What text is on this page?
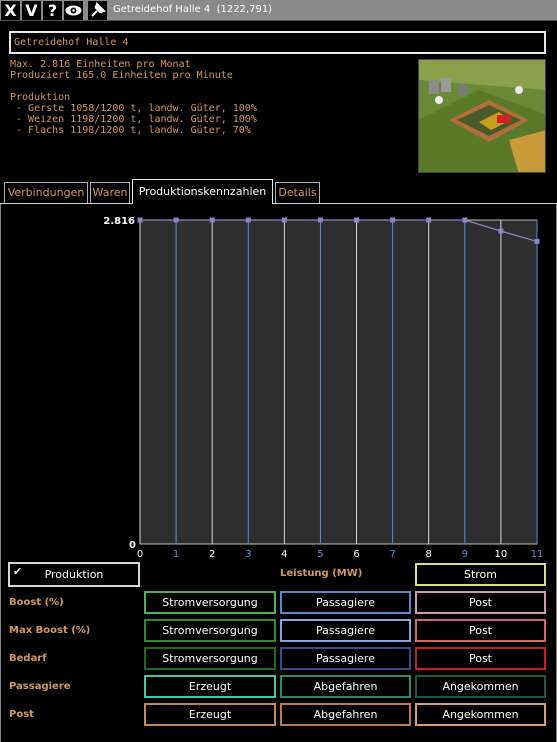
X V ?	Getreidehof Halle 4 (1222,791)
Getreidehof Halle 4
Max. 2.816 Einheiten pro Monat
Produziert 165.0 Einheiten pro Minute
Produktion
- Gerste 1058/1200 t, landw. Güter, 100%
- Weizen 1198/1200 t, landw. Güter, 100%
- Flachs 1198/1200 t, landw. Güter, 70%
Verbindungen Waren	Produktionskennzahlen	Details
0	1	2	3	4	5	6	7	8	9	10 11
2.816
0
✔ Produktion	Leistung (MW)	Strom
Boost (%)	Stromversorgung	Passagiere	Post
Max Boost (%)	Stromversorgung	Passagiere	Post
Bedarf	Stromversorgung	Passagiere	Post
Passagiere	Erzeugt	Abgefahren	Angekommen
Post	Erzeugt	Abgefahren	Angekommen
